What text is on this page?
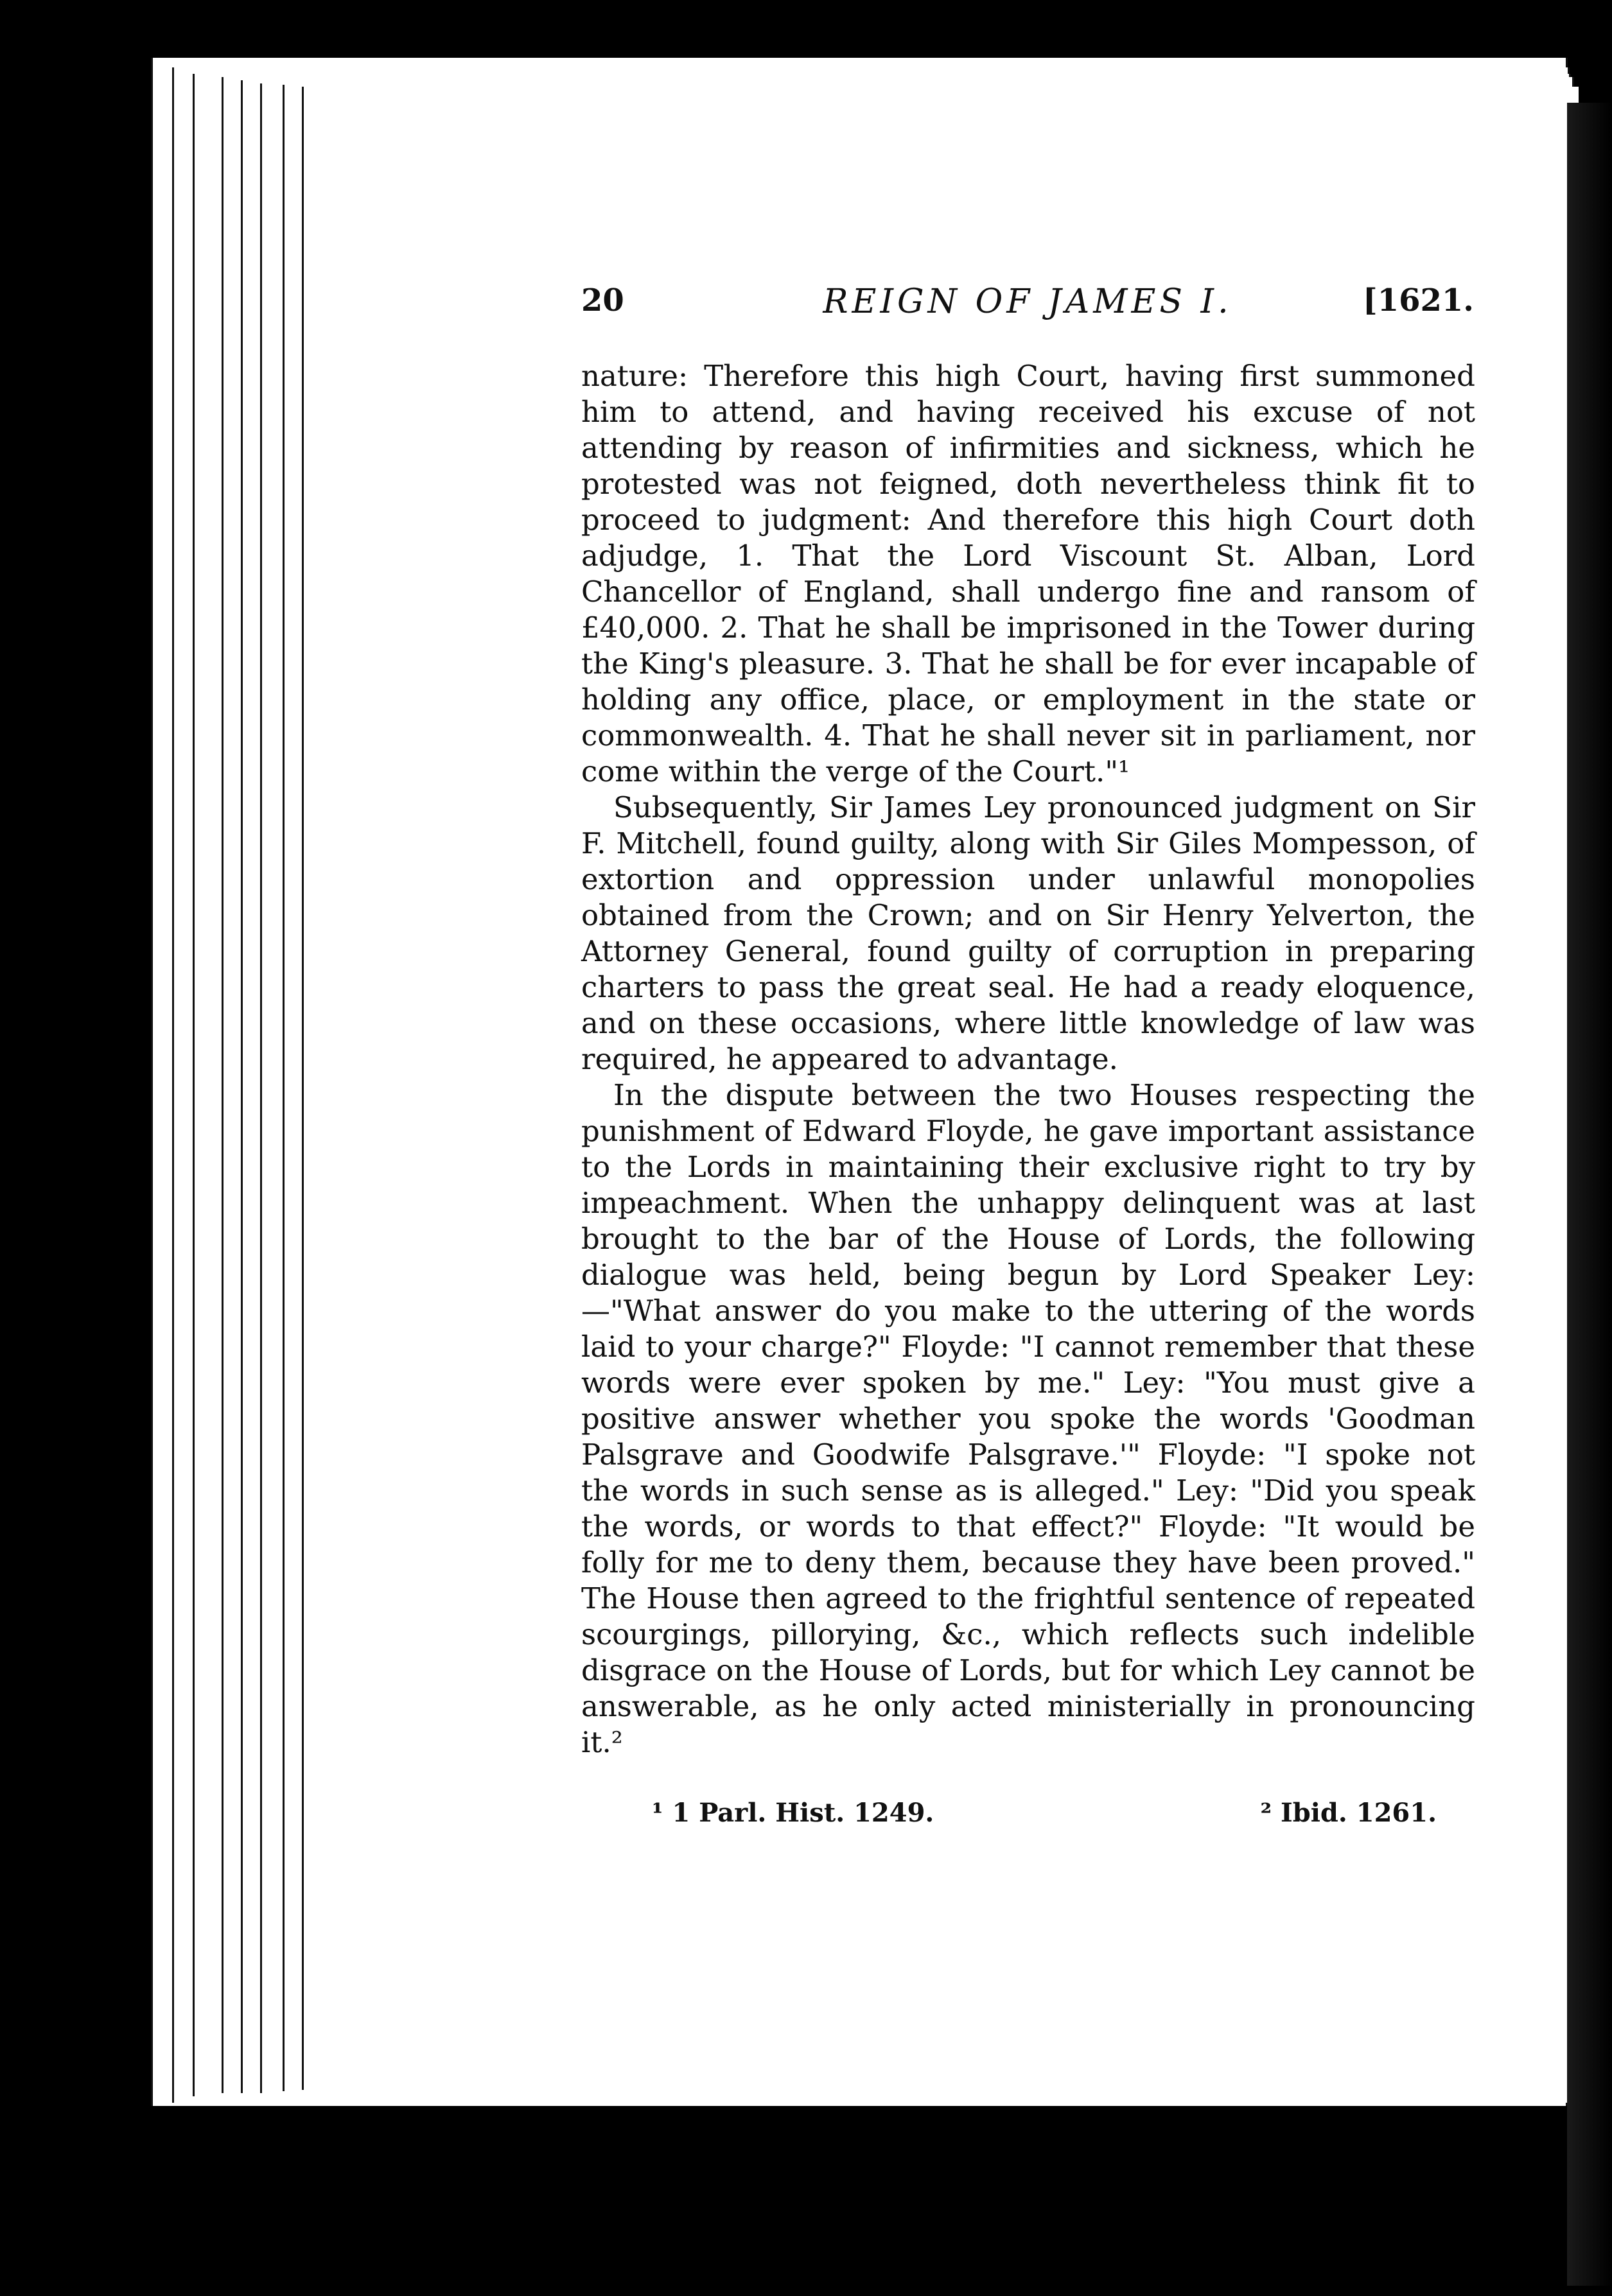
20	REIGN OF JAMES I.	[1621.

nature: Therefore this high Court, having first summoned him to attend, and having received his excuse of not attending by reason of infirmities and sickness, which he protested was not feigned, doth nevertheless think fit to proceed to judgment: And therefore this high Court doth adjudge, 1. That the Lord Viscount St. Alban, Lord Chancellor of England, shall undergo fine and ransom of £40,000. 2. That he shall be imprisoned in the Tower during the King's pleasure. 3. That he shall be for ever incapable of holding any office, place, or employment in the state or commonwealth. 4. That he shall never sit in parliament, nor come within the verge of the Court."¹

Subsequently, Sir James Ley pronounced judgment on Sir F. Mitchell, found guilty, along with Sir Giles Mompesson, of extortion and oppression under unlawful monopolies obtained from the Crown; and on Sir Henry Yelverton, the Attorney General, found guilty of corruption in preparing charters to pass the great seal. He had a ready eloquence, and on these occasions, where little knowledge of law was required, he appeared to advantage.

In the dispute between the two Houses respecting the punishment of Edward Floyde, he gave important assistance to the Lords in maintaining their exclusive right to try by impeachment. When the unhappy delinquent was at last brought to the bar of the House of Lords, the following dialogue was held, being begun by Lord Speaker Ley:—"What answer do you make to the uttering of the words laid to your charge?" Floyde: "I cannot remember that these words were ever spoken by me." Ley: "You must give a positive answer whether you spoke the words 'Goodman Palsgrave and Goodwife Palsgrave.'" Floyde: "I spoke not the words in such sense as is alleged." Ley: "Did you speak the words, or words to that effect?" Floyde: "It would be folly for me to deny them, because they have been proved." The House then agreed to the frightful sentence of repeated scourgings, pillorying, &c., which reflects such indelible disgrace on the House of Lords, but for which Ley cannot be answerable, as he only acted ministerially in pronouncing it.²

¹ 1 Parl. Hist. 1249.	² Ibid. 1261.
